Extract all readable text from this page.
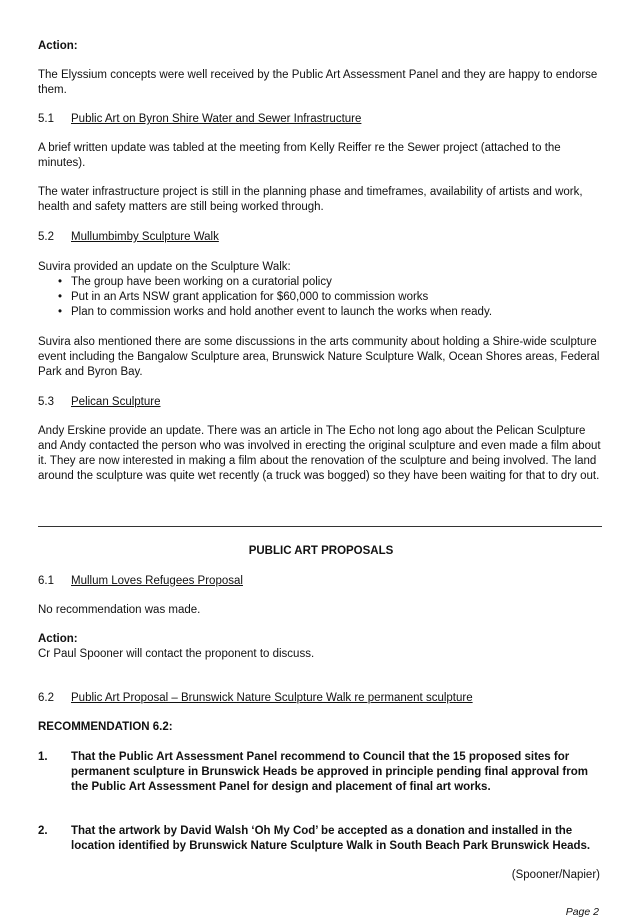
Action:

The Elyssium concepts were well received by the Public Art Assessment Panel and they are happy to endorse them.

5.1 Public Art on Byron Shire Water and Sewer Infrastructure

A brief written update was tabled at the meeting from Kelly Reiffer re the Sewer project (attached to the minutes).

The water infrastructure project is still in the planning phase and timeframes, availability of artists and work, health and safety matters are still being worked through.

5.2 Mullumbimby Sculpture Walk

Suvira provided an update on the Sculpture Walk:

• The group have been working on a curatorial policy
• Put in an Arts NSW grant application for $60,000 to commission works
• Plan to commission works and hold another event to launch the works when ready.

Suvira also mentioned there are some discussions in the arts community about holding a Shire-wide sculpture event including the Bangalow Sculpture area, Brunswick Nature Sculpture Walk, Ocean Shores areas, Federal Park and Byron Bay.

5.3 Pelican Sculpture

Andy Erskine provide an update. There was an article in The Echo not long ago about the Pelican Sculpture and Andy contacted the person who was involved in erecting the original sculpture and even made a film about it. They are now interested in making a film about the renovation of the sculpture and being involved. The land around the sculpture was quite wet recently (a truck was bogged) so they have been waiting for that to dry out.

PUBLIC ART PROPOSALS

6.1 Mullum Loves Refugees Proposal

No recommendation was made.

Action:

Cr Paul Spooner will contact the proponent to discuss.

6.2 Public Art Proposal – Brunswick Nature Sculpture Walk re permanent sculpture

RECOMMENDATION 6.2:

1. That the Public Art Assessment Panel recommend to Council that the 15 proposed sites for permanent sculpture in Brunswick Heads be approved in principle pending final approval from the Public Art Assessment Panel for design and placement of final art works.

2. That the artwork by David Walsh ‘Oh My Cod’ be accepted as a donation and installed in the location identified by Brunswick Nature Sculpture Walk in South Beach Park Brunswick Heads.

(Spooner/Napier)

Page 2
